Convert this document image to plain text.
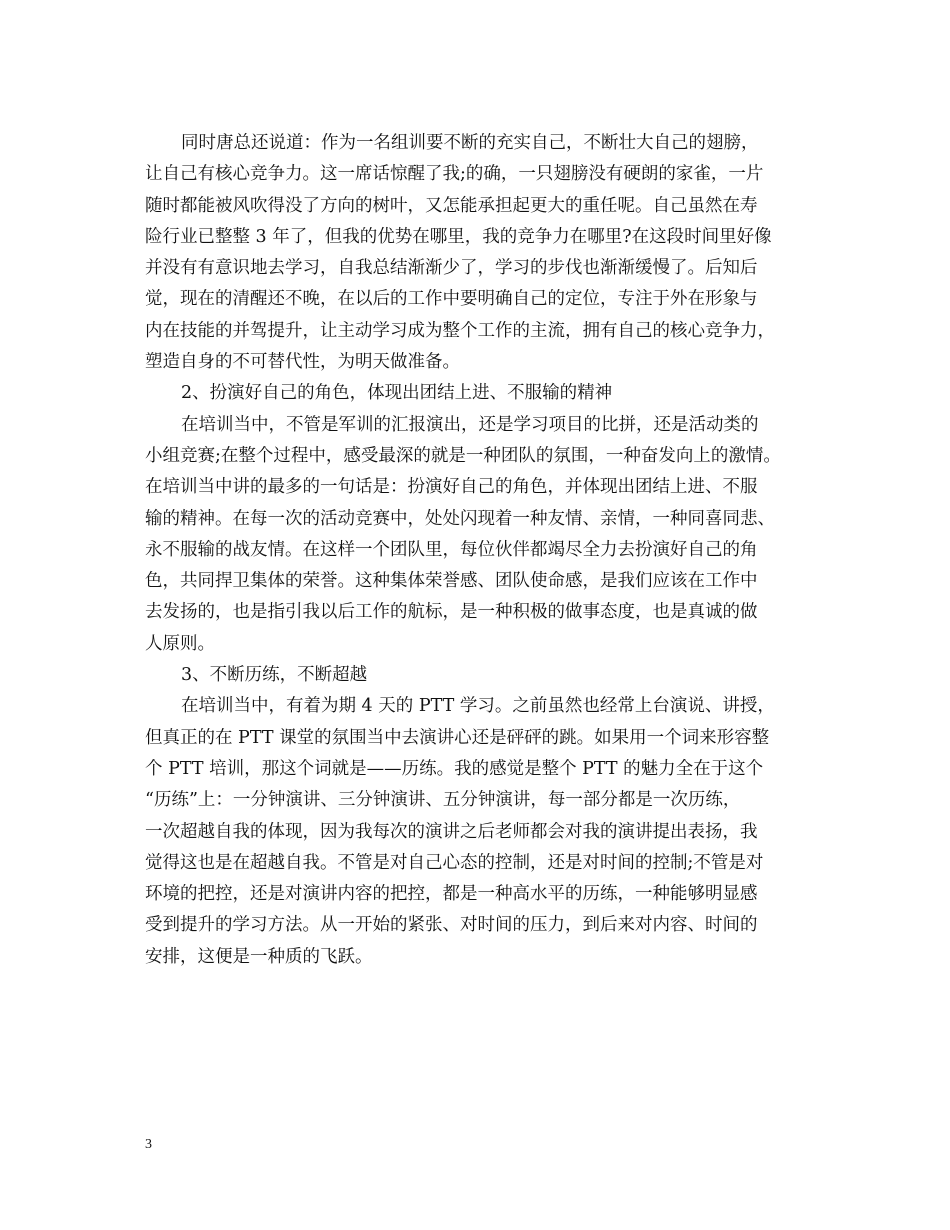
同时唐总还说道：作为一名组训要不断的充实自己，不断壮大自己的翅膀，
让自己有核心竞争力。这一席话惊醒了我;的确，一只翅膀没有硬朗的家雀，一片
随时都能被风吹得没了方向的树叶，又怎能承担起更大的重任呢。自己虽然在寿
险行业已整整 3 年了，但我的优势在哪里，我的竞争力在哪里?在这段时间里好像
并没有有意识地去学习，自我总结渐渐少了，学习的步伐也渐渐缓慢了。后知后
觉，现在的清醒还不晚，在以后的工作中要明确自己的定位，专注于外在形象与
内在技能的并驾提升，让主动学习成为整个工作的主流，拥有自己的核心竞争力，
塑造自身的不可替代性，为明天做准备。
2、扮演好自己的角色，体现出团结上进、不服输的精神
在培训当中，不管是军训的汇报演出，还是学习项目的比拼，还是活动类的
小组竞赛;在整个过程中，感受最深的就是一种团队的氛围，一种奋发向上的激情。
在培训当中讲的最多的一句话是：扮演好自己的角色，并体现出团结上进、不服
输的精神。在每一次的活动竞赛中，处处闪现着一种友情、亲情，一种同喜同悲、
永不服输的战友情。在这样一个团队里，每位伙伴都竭尽全力去扮演好自己的角
色，共同捍卫集体的荣誉。这种集体荣誉感、团队使命感，是我们应该在工作中
去发扬的，也是指引我以后工作的航标，是一种积极的做事态度，也是真诚的做
人原则。
3、不断历练，不断超越
在培训当中，有着为期 4 天的 PTT 学习。之前虽然也经常上台演说、讲授，
但真正的在 PTT 课堂的氛围当中去演讲心还是砰砰的跳。如果用一个词来形容整
个 PTT 培训，那这个词就是——历练。我的感觉是整个 PTT 的魅力全在于这个
“历练”上：一分钟演讲、三分钟演讲、五分钟演讲，每一部分都是一次历练，
一次超越自我的体现，因为我每次的演讲之后老师都会对我的演讲提出表扬，我
觉得这也是在超越自我。不管是对自己心态的控制，还是对时间的控制;不管是对
环境的把控，还是对演讲内容的把控，都是一种高水平的历练，一种能够明显感
受到提升的学习方法。从一开始的紧张、对时间的压力，到后来对内容、时间的
安排，这便是一种质的飞跃。
3
